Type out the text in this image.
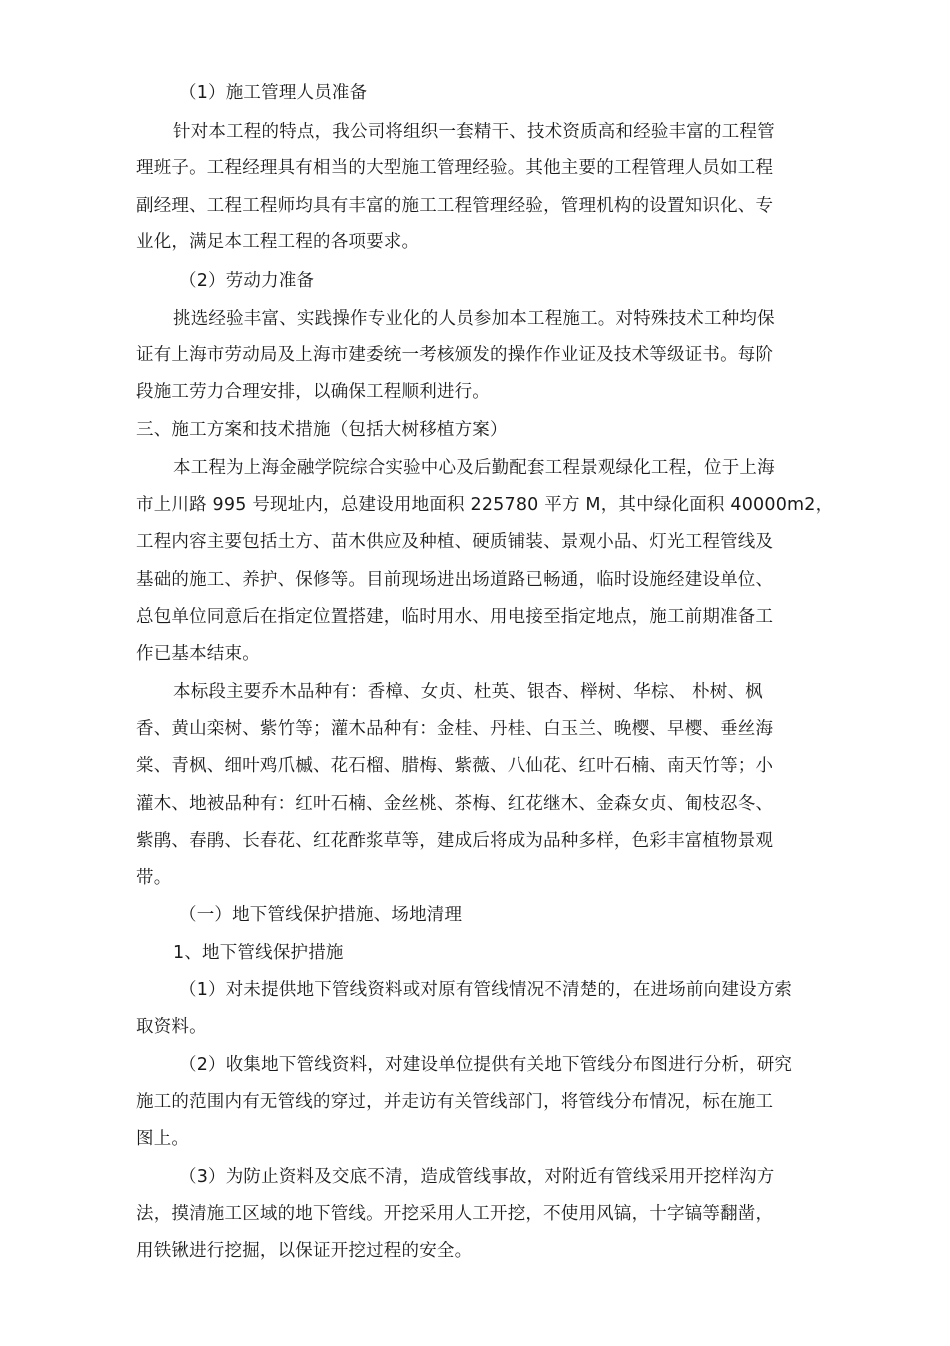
（1）施工管理人员准备
针对本工程的特点，我公司将组织一套精干、技术资质高和经验丰富的工程管
理班子。工程经理具有相当的大型施工管理经验。其他主要的工程管理人员如工程
副经理、工程工程师均具有丰富的施工工程管理经验，管理机构的设置知识化、专
业化，满足本工程工程的各项要求。
（2）劳动力准备
挑选经验丰富、实践操作专业化的人员参加本工程施工。对特殊技术工种均保
证有上海市劳动局及上海市建委统一考核颁发的操作作业证及技术等级证书。每阶
段施工劳力合理安排，以确保工程顺利进行。
三、施工方案和技术措施（包括大树移植方案）
本工程为上海金融学院综合实验中心及后勤配套工程景观绿化工程，位于上海
市上川路 995 号现址内，总建设用地面积 225780 平方 M，其中绿化面积 40000m2，
工程内容主要包括土方、苗木供应及种植、硬质铺装、景观小品、灯光工程管线及
基础的施工、养护、保修等。目前现场进出场道路已畅通，临时设施经建设单位、
总包单位同意后在指定位置搭建，临时用水、用电接至指定地点，施工前期准备工
作已基本结束。
本标段主要乔木品种有：香樟、女贞、杜英、银杏、榉树、华棕、 朴树、枫
香、黄山栾树、紫竹等；灌木品种有：金桂、丹桂、白玉兰、晚樱、早樱、垂丝海
棠、青枫、细叶鸡爪槭、花石榴、腊梅、紫薇、八仙花、红叶石楠、南天竹等；小
灌木、地被品种有：红叶石楠、金丝桃、茶梅、红花继木、金森女贞、匍枝忍冬、
紫鹃、春鹃、长春花、红花酢浆草等，建成后将成为品种多样，色彩丰富植物景观
带。
（一）地下管线保护措施、场地清理
1、地下管线保护措施
（1）对未提供地下管线资料或对原有管线情况不清楚的，在进场前向建设方索
取资料。
（2）收集地下管线资料，对建设单位提供有关地下管线分布图进行分析，研究
施工的范围内有无管线的穿过，并走访有关管线部门，将管线分布情况，标在施工
图上。
（3）为防止资料及交底不清，造成管线事故，对附近有管线采用开挖样沟方
法，摸清施工区域的地下管线。开挖采用人工开挖，不使用风镐，十字镐等翻凿，
用铁锹进行挖掘，以保证开挖过程的安全。
